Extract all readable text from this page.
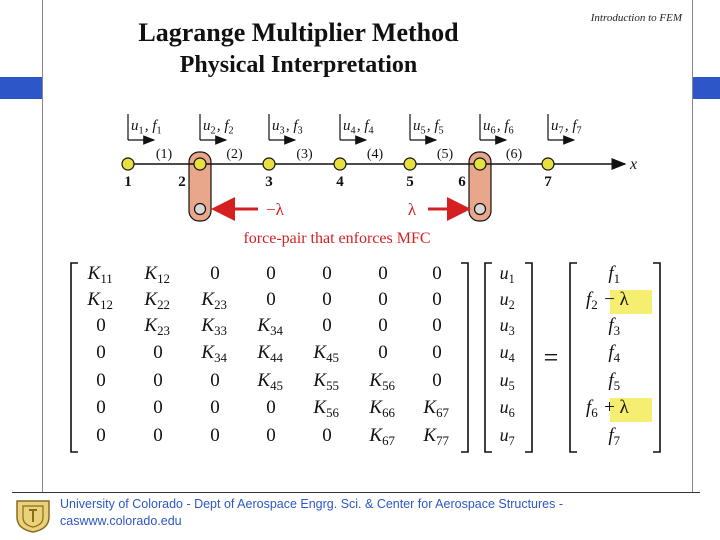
Lagrange Multiplier Method
Physical Interpretation
Introduction to FEM
$u_1$ , $f_1$ 	$u_2$ , $f_2$ 	$u_3$ , $f_3$ 	$u_4$ , $f_4$ 	$u_5$ , $f_5$ 	$u_6$ , $f_6$  $u_7$ , $f_7$ 
x
(1)	(2)	(3)	(4)	(5)	(6)
1	2	3	4	5	6	7
−λ	λ
force-pair that enforces MFC
$K_{11}$  $K_{12}$  0 0 0 0 0
$K_{12}$  $K_{22}$  $K_{23}$  0 0 0 0
0 $K_{23}$  $K_{33}$  $K_{34}$  0 0 0
0	0 $K_{34}$  $K_{44}$  $K_{45}$  0 0
0	0	0 $K_{45}$  $K_{55}$  $K_{56}$  0
0	0	0 0 $K_{56}$  $K_{66}$  $K_{67}$ 
0	0	0 0 0 $K_{67}$  $K_{77}$ 
$u_1$ 
$u_2$ 
$u_3$ 
$u_4$ 
$u_5$ 
$u_6$ 
$u_7$ 
=
$f_1$ 
$f_2$  − λ
$f_3$ 
$f_4$ 
$f_5$ 
$f_6$  + λ
$f_7$ 
University of Colorado - Dept of Aerospace Engrg. Sci. & Center for Aerospace Structures -
caswww.colorado.edu
